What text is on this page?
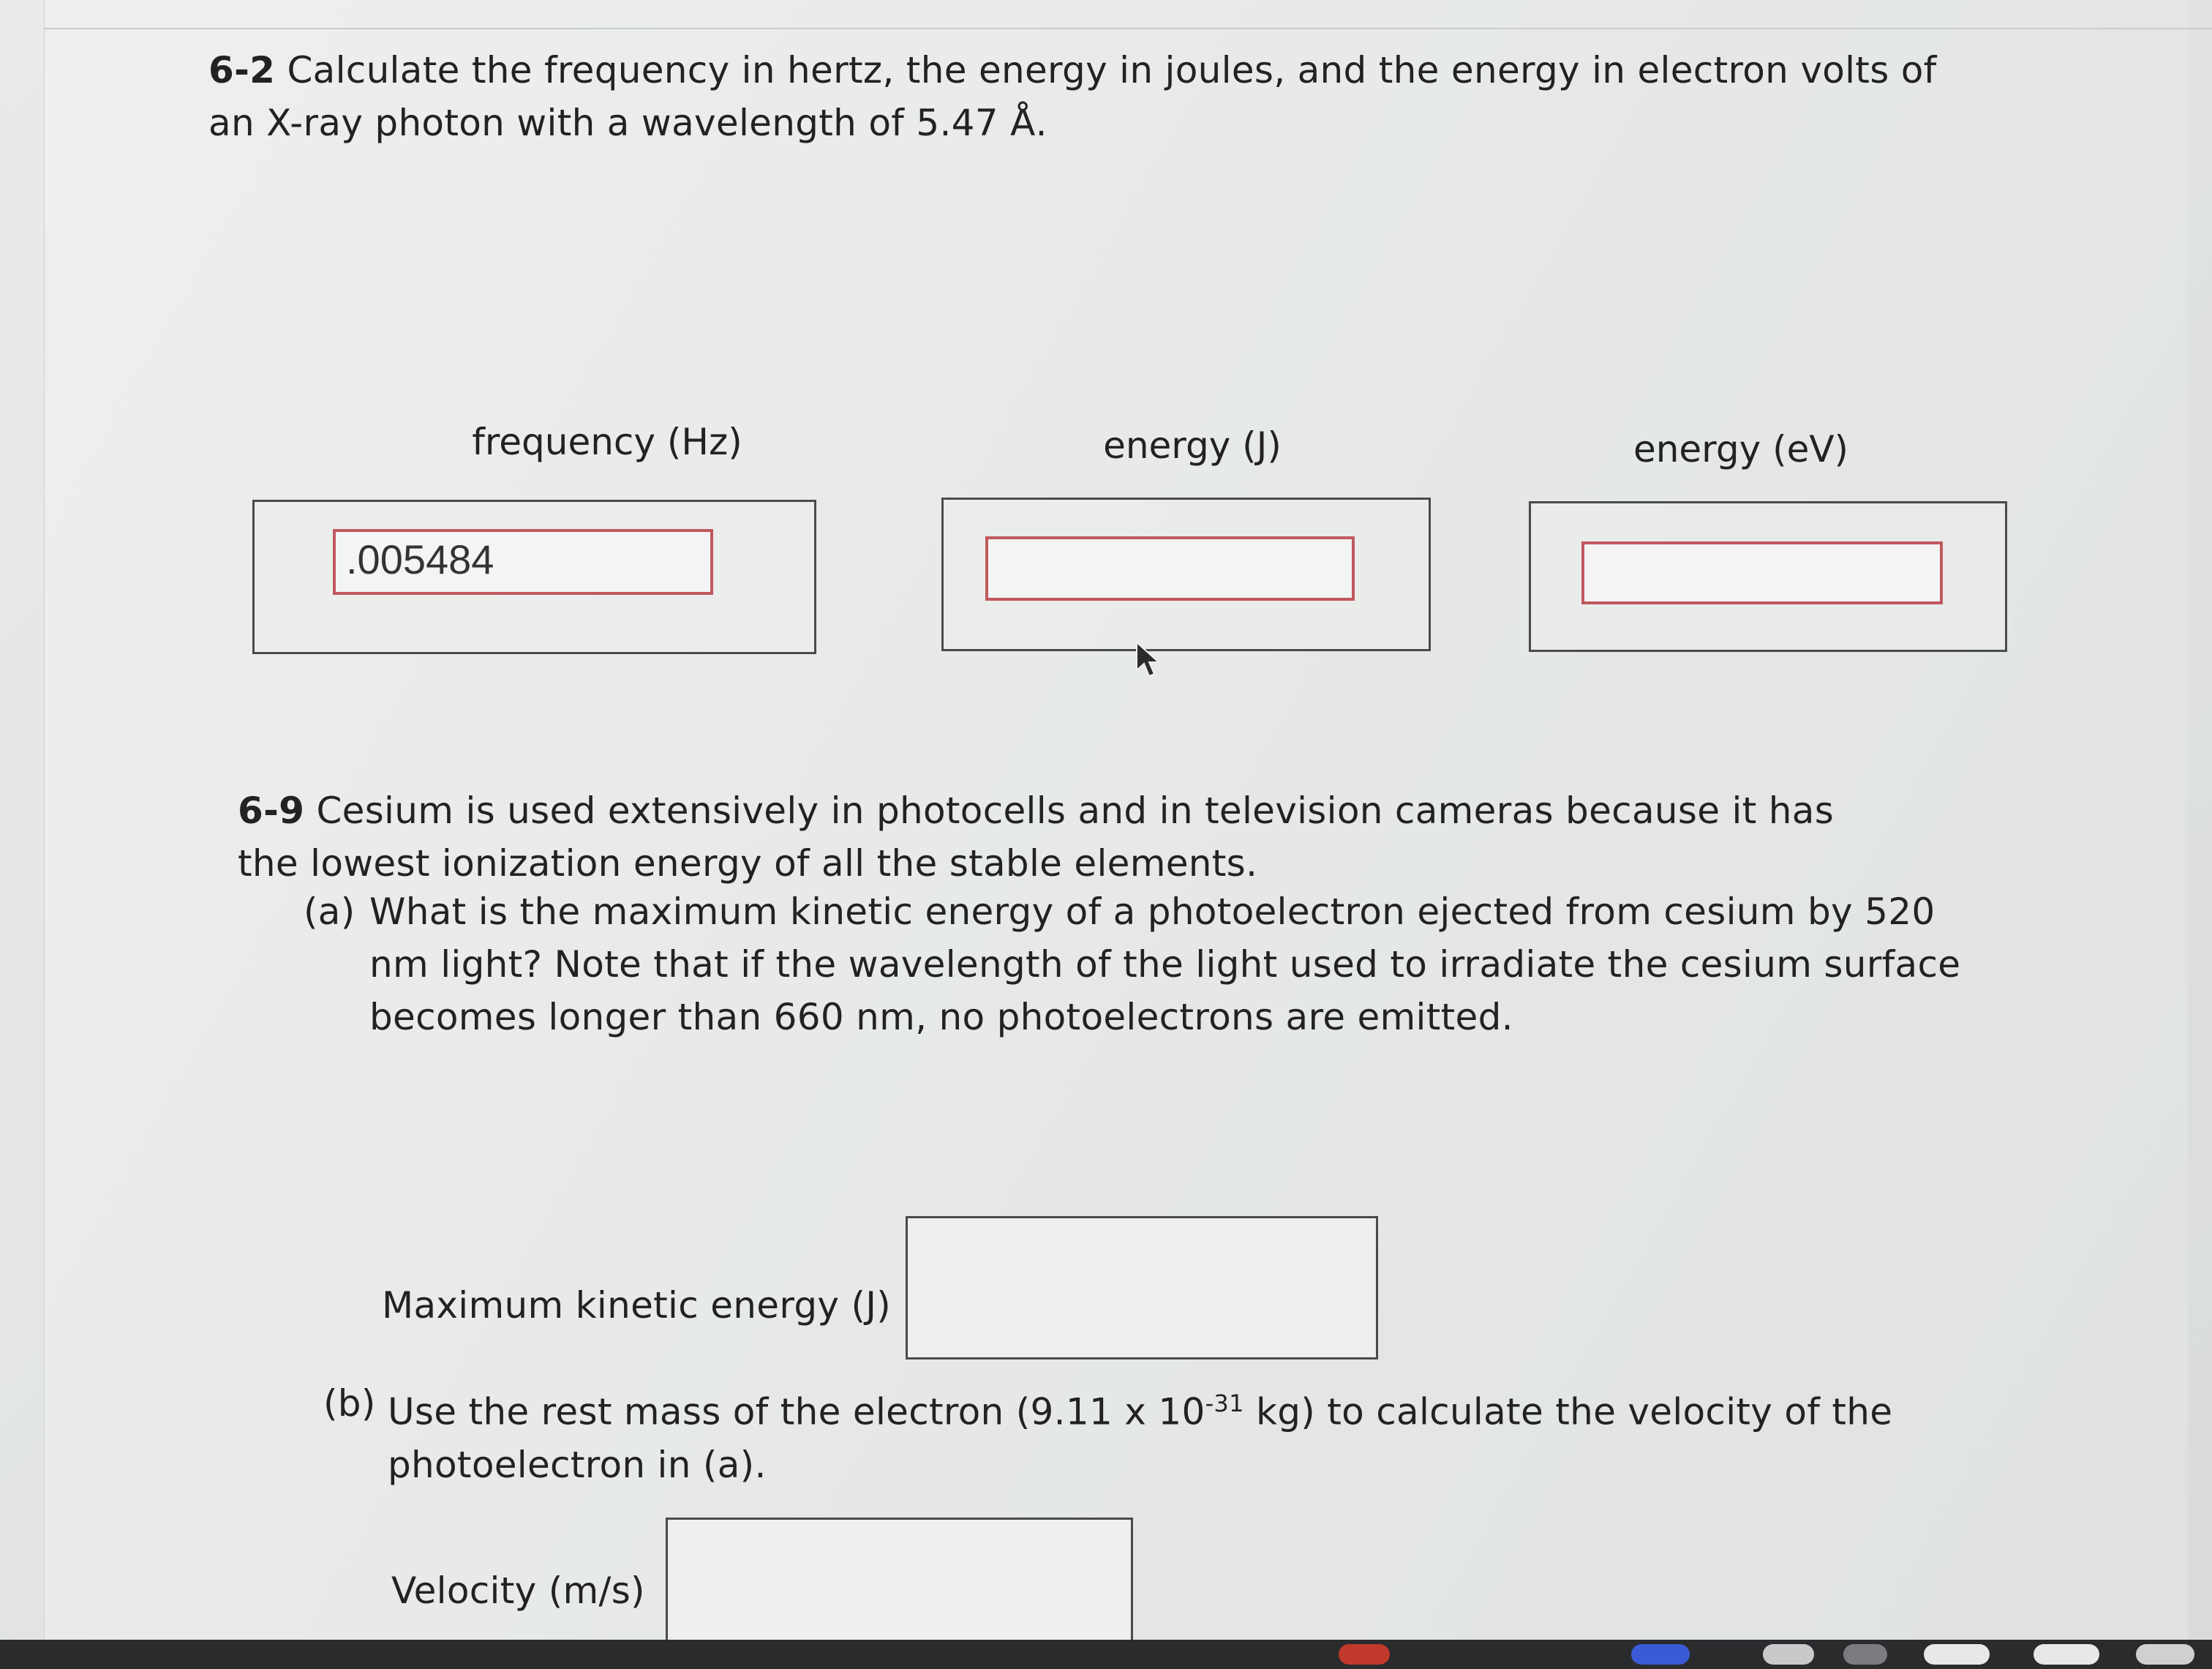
6-2 Calculate the frequency in hertz, the energy in joules, and the energy in electron volts of an X-ray photon with a wavelength of 5.47 Å.
frequency (Hz)	energy (J)	energy (eV)
.005484
6-9 Cesium is used extensively in photocells and in television cameras because it has the lowest ionization energy of all the stable elements.
(a) What is the maximum kinetic energy of a photoelectron ejected from cesium by 520 nm light? Note that if the wavelength of the light used to irradiate the cesium surface becomes longer than 660 nm, no photoelectrons are emitted.
Maximum kinetic energy (J)
(b) Use the rest mass of the electron (9.11 x $10^{-31}$ kg) to calculate the velocity of the photoelectron in (a).
Velocity (m/s)
